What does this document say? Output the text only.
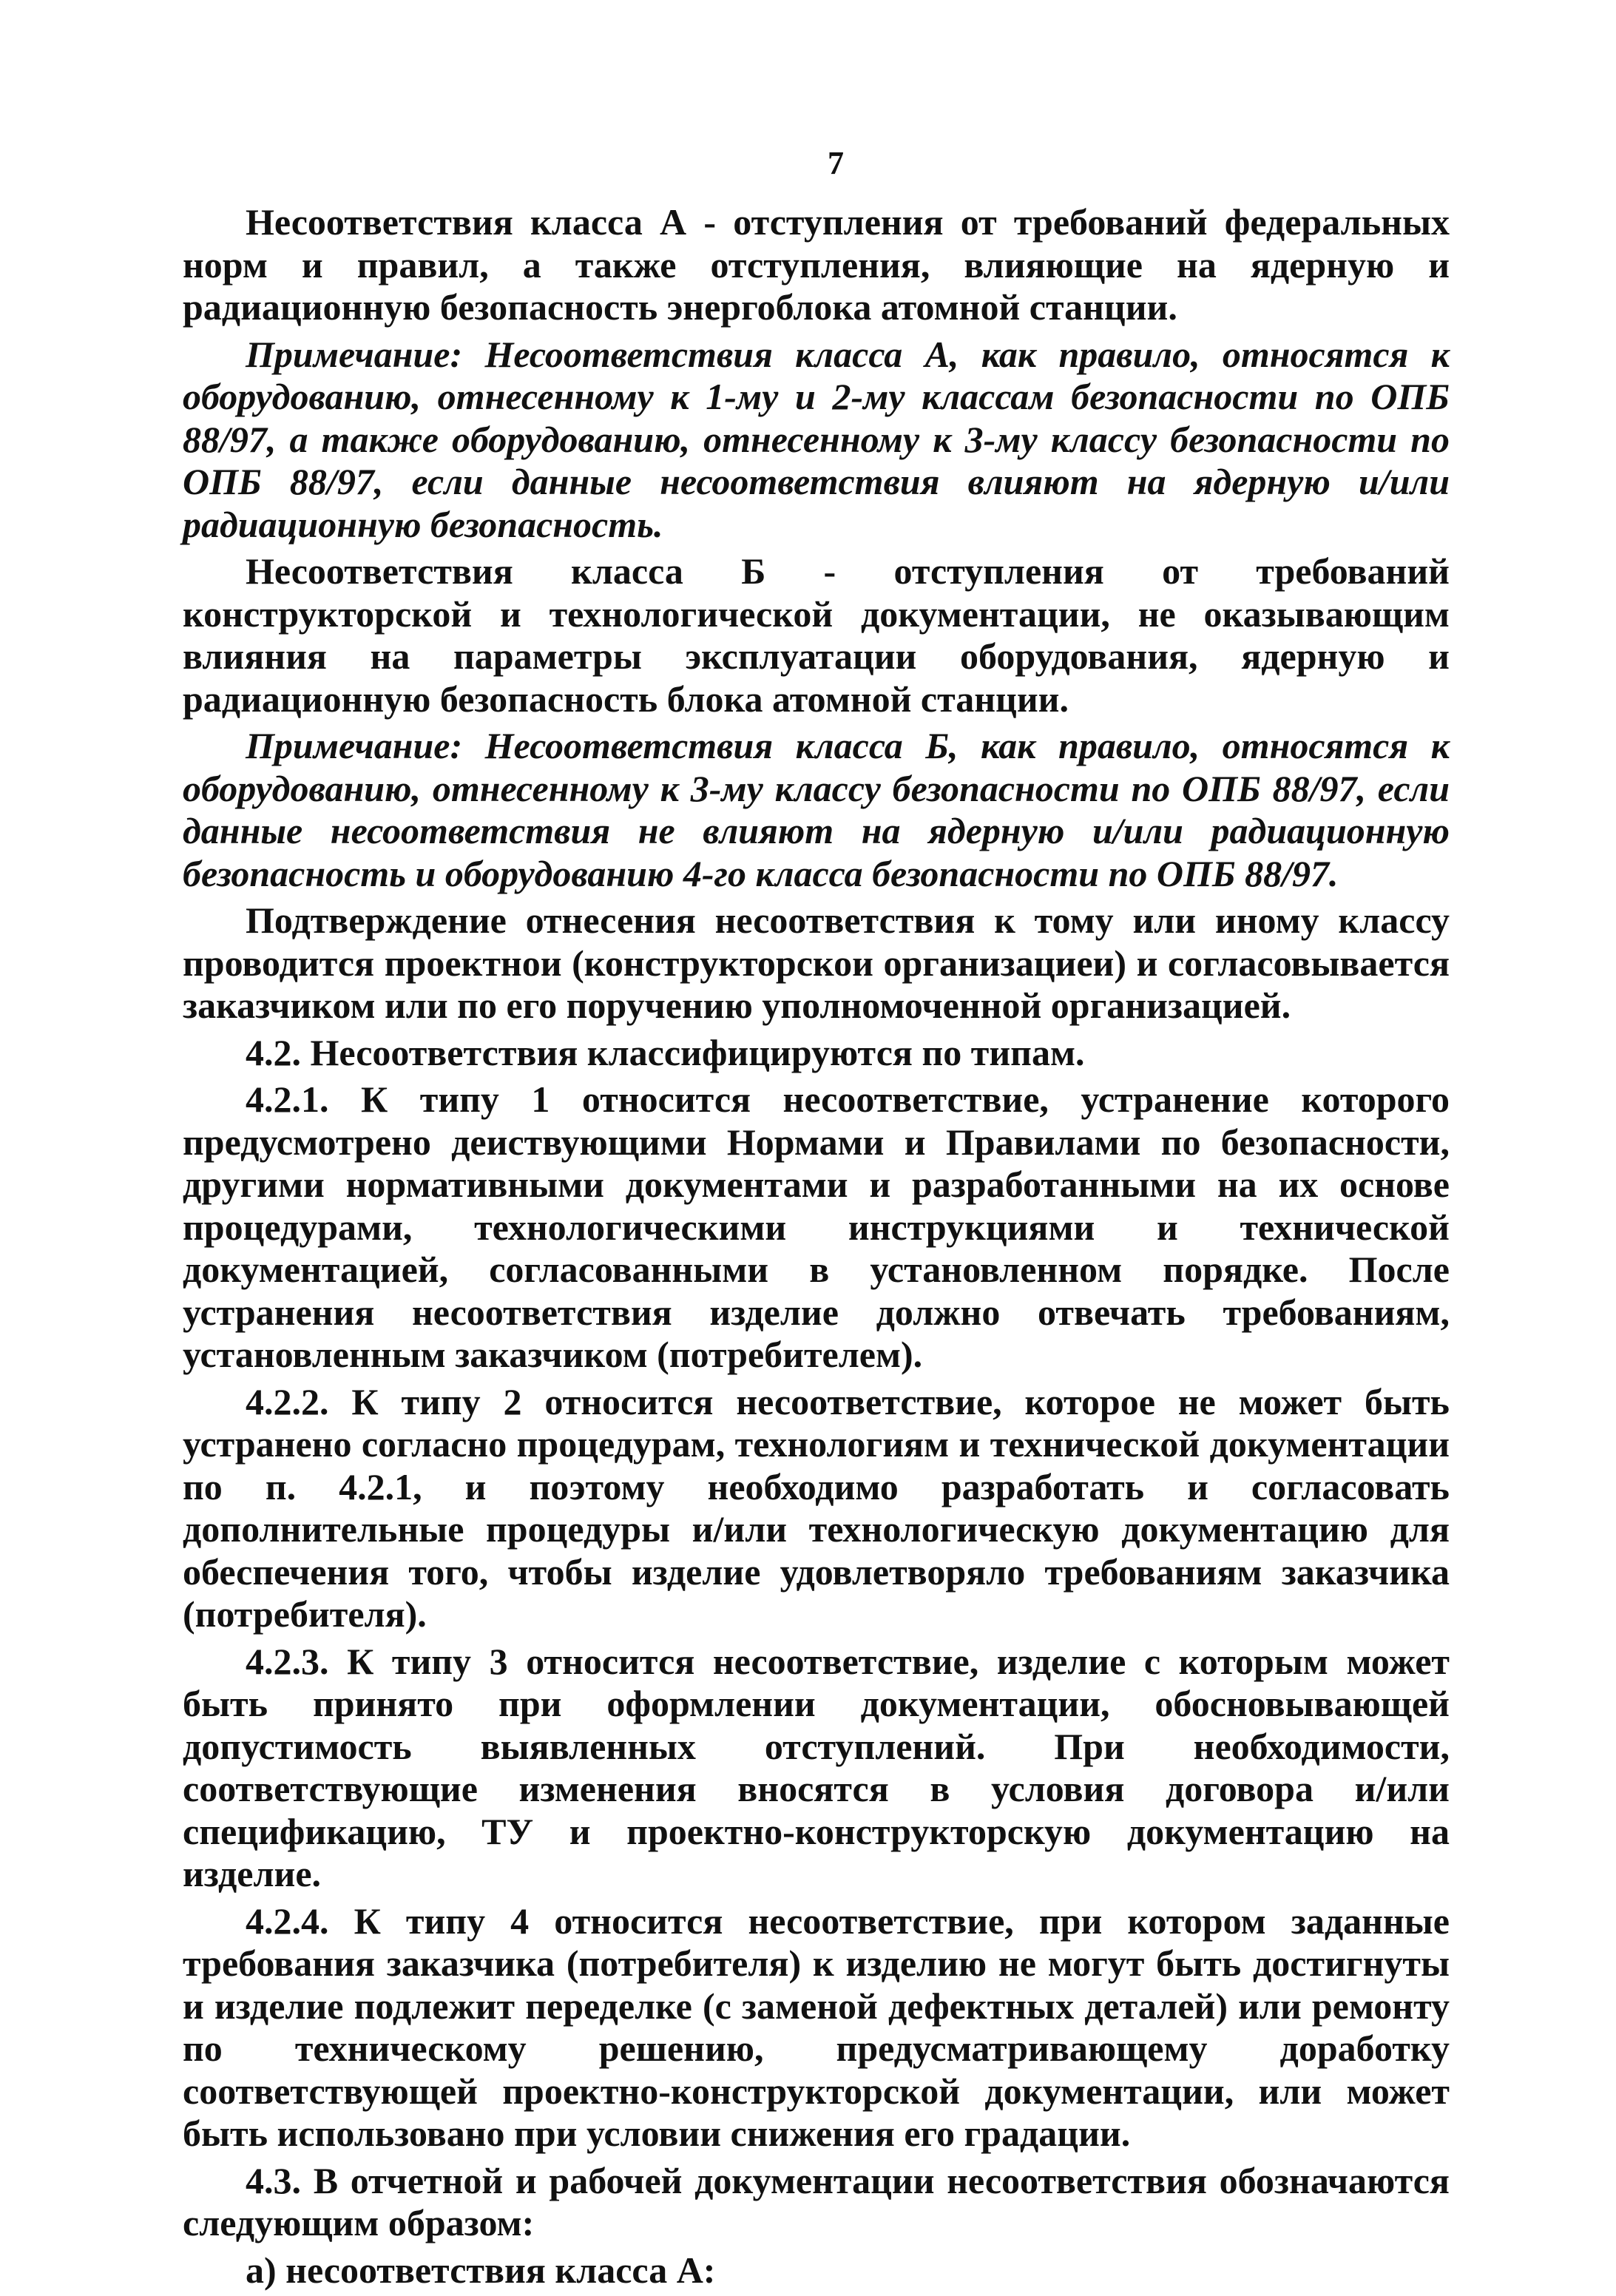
7

Несоответствия класса А - отступления от требований федеральных норм и правил, а также отступления, влияющие на ядерную и радиационную безопасность энергоблока атомной станции.

Примечание: Несоответствия класса А, как правило, относятся к оборудованию, отнесенному к 1-му и 2-му классам безопасности по ОПБ 88/97, а также оборудованию, отнесенному к 3-му классу безопасности по ОПБ 88/97, если данные несоответствия влияют на ядерную и/или радиационную безопасность.

Несоответствия класса Б - отступления от требований конструкторской и технологической документации, не оказывающим влияния на параметры эксплуатации оборудования, ядерную и радиационную безопасность блока атомной станции.

Примечание: Несоответствия класса Б, как правило, относятся к оборудованию, отнесенному к 3-му классу безопасности по ОПБ 88/97, если данные несоответствия не влияют на ядерную и/или радиационную безопасность и оборудованию 4-го класса безопасности по ОПБ 88/97.

Подтверждение отнесения несоответствия к тому или иному классу проводится проектнои (конструкторскои организациеи) и согласовывается заказчиком или по его поручению уполномоченной организацией.

4.2. Несоответствия классифицируются по типам.

4.2.1. К типу 1 относится несоответствие, устранение которого предусмотрено деиствующими Нормами и Правилами по безопасности, другими нормативными документами и разработанными на их основе процедурами, технологическими инструкциями и технической документацией, согласованными в установленном порядке. После устранения несоответствия изделие должно отвечать требованиям, установленным заказчиком (потребителем).

4.2.2. К типу 2 относится несоответствие, которое не может быть устранено согласно процедурам, технологиям и технической документации по п. 4.2.1, и поэтому необходимо разработать и согласовать дополнительные процедуры и/или технологическую документацию для обеспечения того, чтобы изделие удовлетворяло требованиям заказчика (потребителя).

4.2.3. К типу 3 относится несоответствие, изделие с которым может быть принято при оформлении документации, обосновывающей допустимость выявленных отступлений. При необходимости, соответствующие изменения вносятся в условия договора и/или спецификацию, ТУ и проектно-конструкторскую документацию на изделие.

4.2.4. К типу 4 относится несоответствие, при котором заданные требования заказчика (потребителя) к изделию не могут быть достигнуты и изделие подлежит переделке (с заменой дефектных деталей) или ремонту по техническому решению, предусматривающему доработку соответствующей проектно-конструкторской документации, или может быть использовано при условии снижения его градации.

4.3. В отчетной и рабочей документации несоответствия обозначаются следующим образом:

а) несоответствия класса А:
